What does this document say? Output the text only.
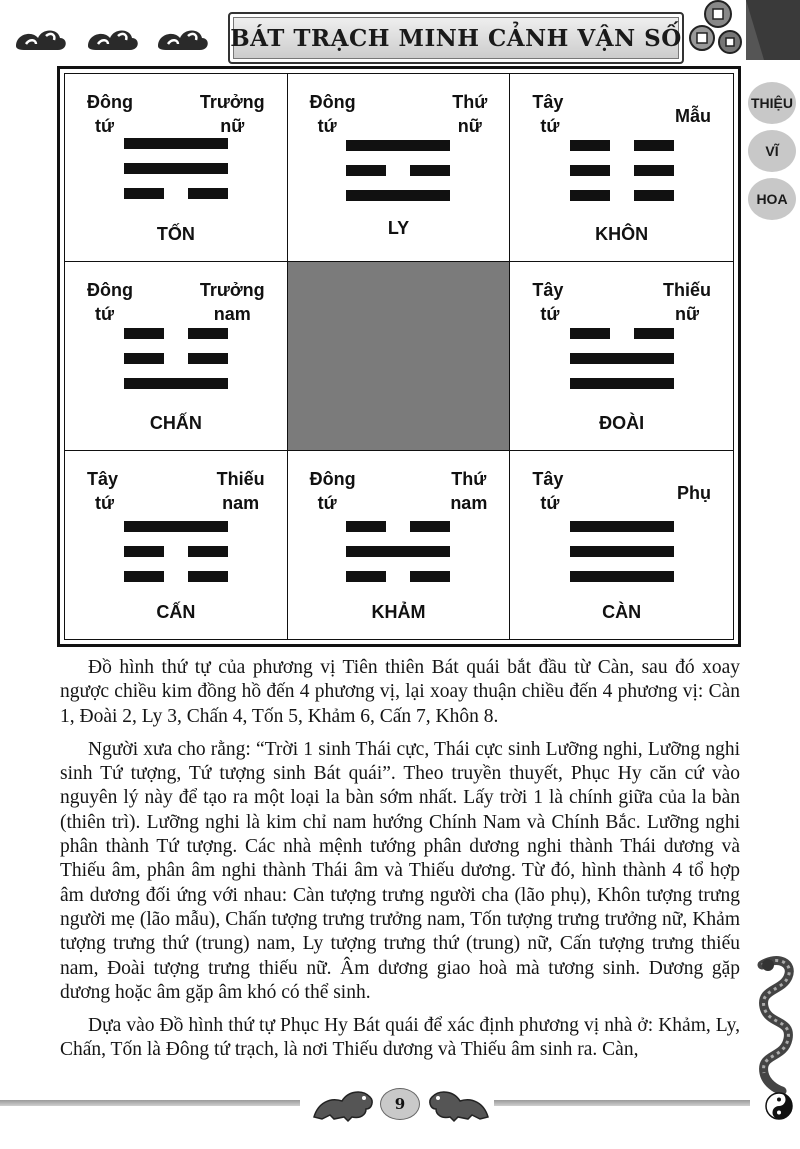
BÁT TRẠCH MINH CẢNH VẬN SỐ
THIỆU
VĨ
HOA
Đông
tứ
Trưởng
nữ
TỐN
Đông
tứ
Thứ
nữ
LY
Tây
tứ	Mẫu
KHÔN
Đông
tứ
Trưởng
nam
CHẤN
Tây
tứ
Thiếu
nữ
ĐOÀI
Tây
tứ
Thiếu
nam
CẤN
Đông
tứ
Thứ
nam
KHẢM
Tây
tứ	Phụ
CÀN

Đồ hình thứ tự của phương vị Tiên thiên Bát quái bắt đầu từ Càn, sau đó xoay ngược chiều kim đồng hồ đến 4 phương vị, lại xoay thuận chiều đến 4 phương vị: Càn 1, Đoài 2, Ly 3, Chấn 4, Tốn 5, Khảm 6, Cấn 7, Khôn 8.

Người xưa cho rằng: “Trời 1 sinh Thái cực, Thái cực sinh Lưỡng nghi, Lưỡng nghi sinh Tứ tượng, Tứ tượng sinh Bát quái”. Theo truyền thuyết, Phục Hy căn cứ vào nguyên lý này để tạo ra một loại la bàn sớm nhất. Lấy trời 1 là chính giữa của la bàn (thiên trì). Lưỡng nghi là kim chỉ nam hướng Chính Nam và Chính Bắc. Lưỡng nghi phân thành Tứ tượng. Các nhà mệnh tướng phân dương nghi thành Thái dương và Thiếu âm, phân âm nghi thành Thái âm và Thiếu dương. Từ đó, hình thành 4 tổ hợp âm dương đối ứng với nhau: Càn tượng trưng người cha (lão phụ), Khôn tượng trưng người mẹ (lão mẫu), Chấn tượng trưng trưởng nam, Tốn tượng trưng trưởng nữ, Khảm tượng trưng thứ (trung) nam, Ly tượng trưng thứ (trung) nữ, Cấn tượng trưng thiếu nam, Đoài tượng trưng thiếu nữ. Âm dương giao hoà mà tương sinh. Dương gặp dương hoặc âm gặp âm khó có thể sinh.

Dựa vào Đồ hình thứ tự Phục Hy Bát quái để xác định phương vị nhà ở: Khảm, Ly, Chấn, Tốn là Đông tứ trạch, là nơi Thiếu dương và Thiếu âm sinh ra. Càn,

9
